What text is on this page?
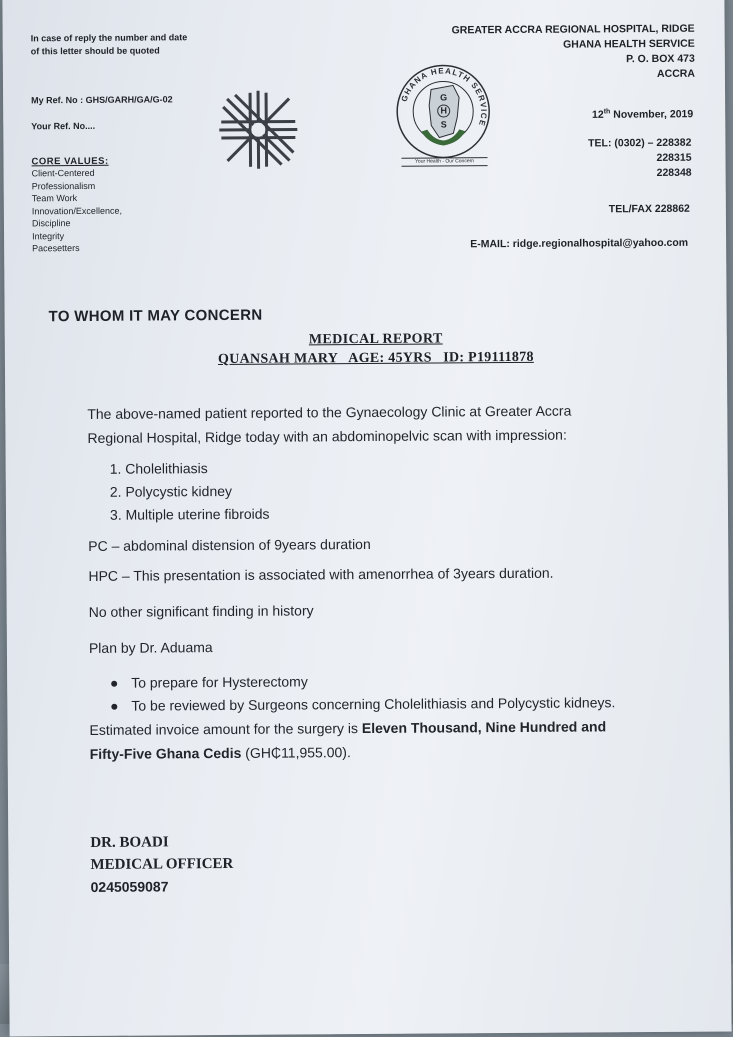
In case of reply the number and date
of this letter should be quoted
My Ref. No : GHS/GARH/GA/G-02
Your Ref. No....
CORE VALUES:
Client-Centered
Professionalism
Team Work
Innovation/Excellence,
Discipline
Integrity
Pacesetters
GHANA HEALTH SERVICE
G
H
S
Your Health - Our Concern
GREATER ACCRA REGIONAL HOSPITAL, RIDGE
GHANA HEALTH SERVICE
P. O. BOX 473
ACCRA
12th November, 2019
TEL: (0302) – 228382
228315
228348
TEL/FAX 228862
E-MAIL: ridge.regionalhospital@yahoo.com
TO WHOM IT MAY CONCERN
MEDICAL REPORT
QUANSAH MARY   AGE: 45YRS   ID: P19111878
The above-named patient reported to the Gynaecology Clinic at Greater Accra
Regional Hospital, Ridge today with an abdominopelvic scan with impression:
1. Cholelithiasis
2. Polycystic kidney
3. Multiple uterine fibroids
PC – abdominal distension of 9years duration
HPC – This presentation is associated with amenorrhea of 3years duration.
No other significant finding in history
Plan by Dr. Aduama
To prepare for Hysterectomy
To be reviewed by Surgeons concerning Cholelithiasis and Polycystic kidneys.
Estimated invoice amount for the surgery is Eleven Thousand, Nine Hundred and
Fifty-Five Ghana Cedis (GH₵11,955.00).
DR. BOADI
MEDICAL OFFICER
0245059087
